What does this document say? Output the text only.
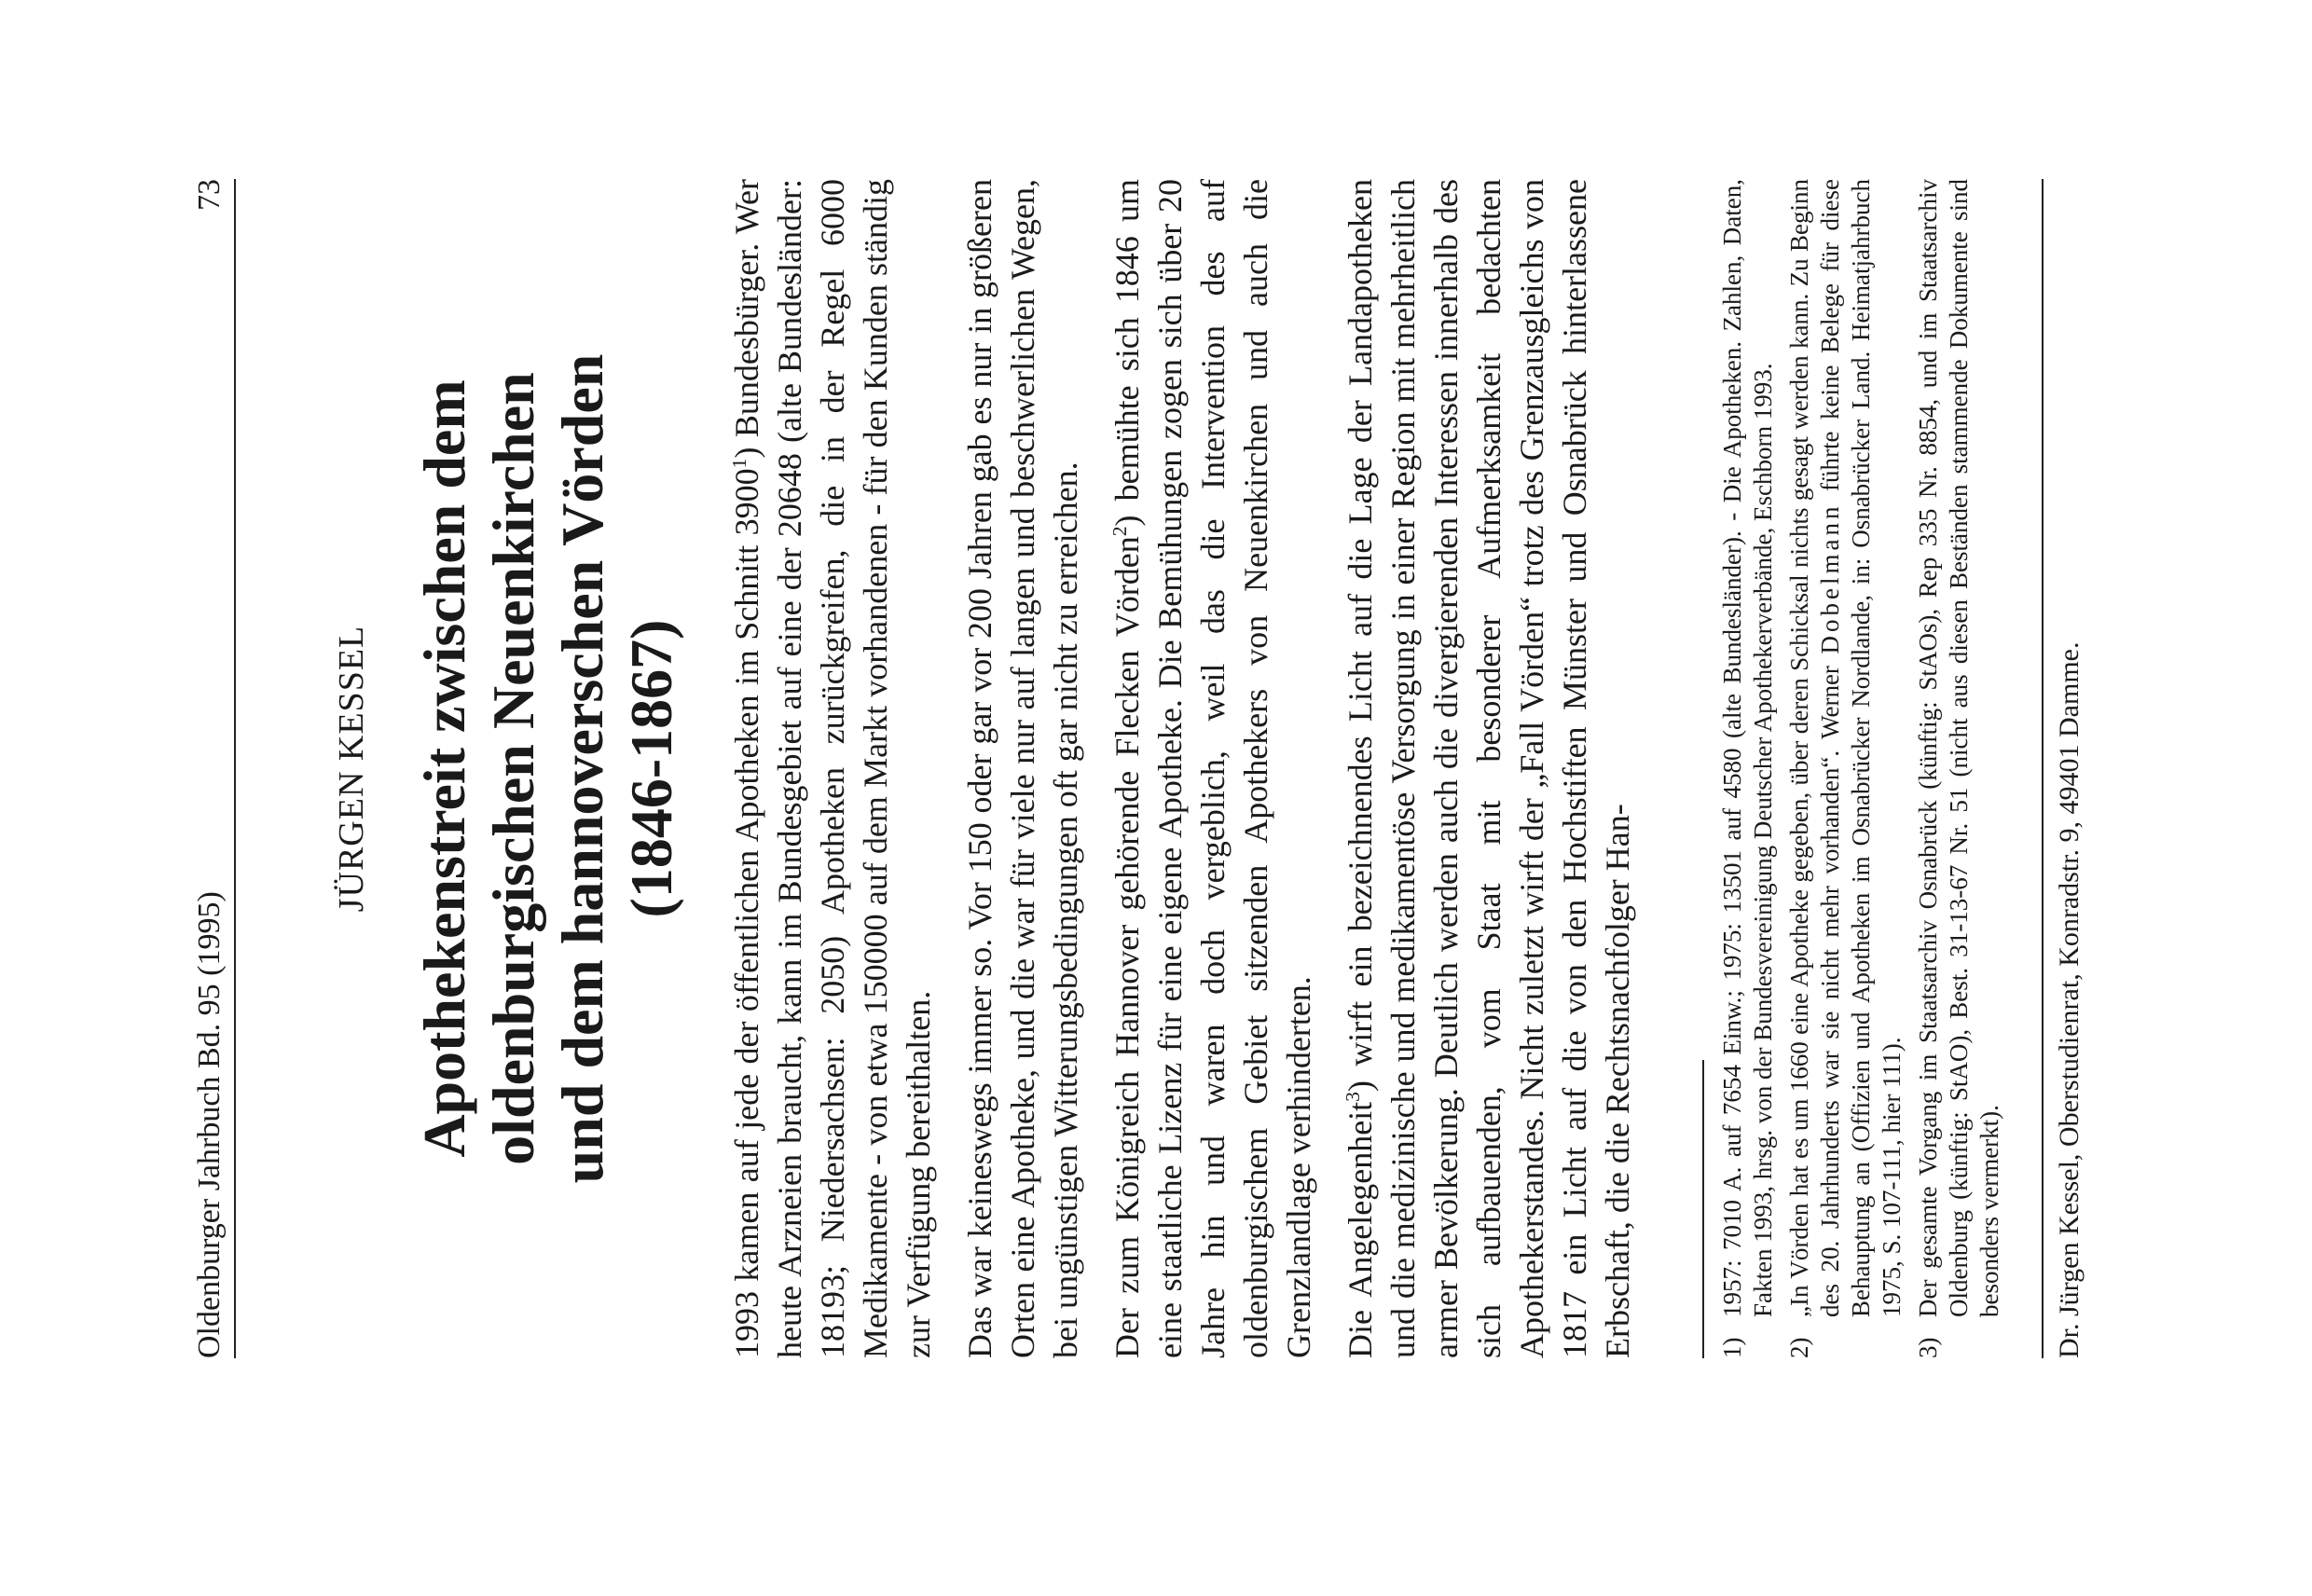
Oldenburger Jahrbuch Bd. 95 (1995)
73
JÜRGEN KESSEL Apothekenstreit zwischen dem oldenburgischen Neuenkirchen und dem hannoverschen Vörden (1846-1867) 1993 kamen auf jede der öffentlichen Apotheken im Schnitt 3900$^1$) Bundesbürger. Wer heute Arzneien braucht, kann im Bundesgebiet auf eine der 20648 (alte Bundesländer: 18193; Niedersachsen: 2050) Apotheken zurückgreifen, die in der Regel 6000 Medikamente - von etwa 150000 auf dem Markt vorhandenen - für den Kunden ständig zur Verfügung bereithalten. Das war keineswegs immer so. Vor 150 oder gar vor 200 Jahren gab es nur in größeren Orten eine Apotheke, und die war für viele nur auf langen und beschwerlichen Wegen, bei ungünstigen Witterungsbedingungen oft gar nicht zu erreichen. Der zum Königreich Hannover gehörende Flecken Vörden$^2$) bemühte sich 1846 um eine staatliche Lizenz für eine eigene Apotheke. Die Bemühungen zogen sich über 20 Jahre hin und waren doch vergeblich, weil das die Intervention des auf oldenburgischem Gebiet sitzenden Apothekers von Neuenkirchen und auch die Grenzlandlage verhinderten. Die Angelegenheit$^3$) wirft ein bezeichnendes Licht auf die Lage der Landapotheken und die medizinische und medikamentöse Versorgung in einer Region mit mehrheitlich armer Bevölkerung. Deutlich werden auch die divergierenden Interessen innerhalb des sich aufbauenden, vom Staat mit besonderer Aufmerksamkeit bedachten Apothekerstandes. Nicht zuletzt wirft der „Fall Vörden“ trotz des Grenzausgleichs von 1817 ein Licht auf die von den Hochstiften Münster und Osnabrück hinterlassene Erbschaft, die die Rechtsnachfolger Han-	1)
1957: 7010 A. auf 7654 Einw.; 1975: 13501 auf 4580 (alte Bundesländer). - Die Apotheken. Zahlen, Daten, Fakten 1993, hrsg. von der Bundesvereinigung Deutscher Apothekerverbände, Eschborn 1993.
2)
„In Vörden hat es um 1660 eine Apotheke gegeben, über deren Schicksal nichts gesagt werden kann. Zu Beginn des 20. Jahrhunderts war sie nicht mehr vorhanden“. Werner Dobelmann führte keine Belege für diese Behauptung an (Offizien und Apotheken im Osnabrücker Nordlande, in: Osnabrücker Land. Heimatjahrbuch 1975, S. 107-111, hier 111).
3)
Der gesamte Vorgang im Staatsarchiv Osnabrück (künftig: StAOs), Rep 335 Nr. 8854, und im Staatsarchiv Oldenburg (künftig: StAO), Best. 31-13-67 Nr. 51 (nicht aus diesen Beständen stammende Dokumente sind besonders vermerkt). Dr. Jürgen Kessel, Oberstudienrat, Konradstr. 9, 49401 Damme.
